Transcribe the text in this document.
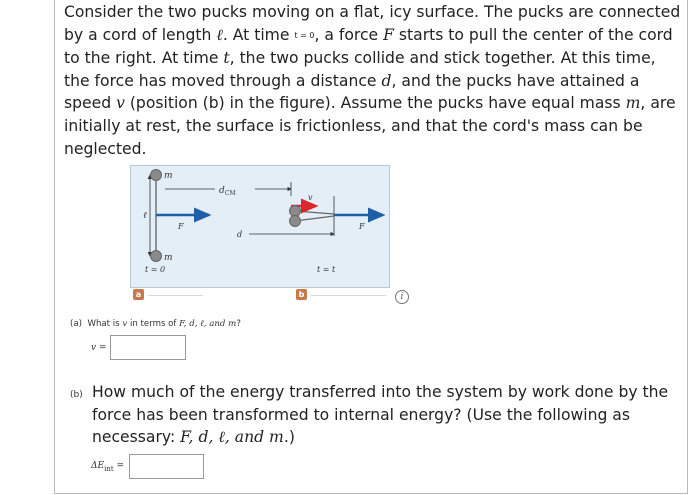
Consider the two pucks moving on a flat, icy surface. The pucks are connected by a cord of length ℓ. At time t = 0, a force F starts to pull the center of the cord to the right. At time t, the two pucks collide and stick together. At this time, the force has moved through a distance d, and the pucks have attained a speed v (position (b) in the figure). Assume the pucks have equal mass m, are initially at rest, the surface is frictionless, and that the cord's mass can be neglected.
m
m
ℓ
F	F
$d_{CM}$
d
v
t = 0	t = t
a	b	i
(a) What is v in terms of F, d, ℓ, and m?
v =
(b) How much of the energy transferred into the system by work done by the force has been transformed to internal energy? (Use the following as necessary: F, d, ℓ, and m.)
$\Delta E_{int}$ =
